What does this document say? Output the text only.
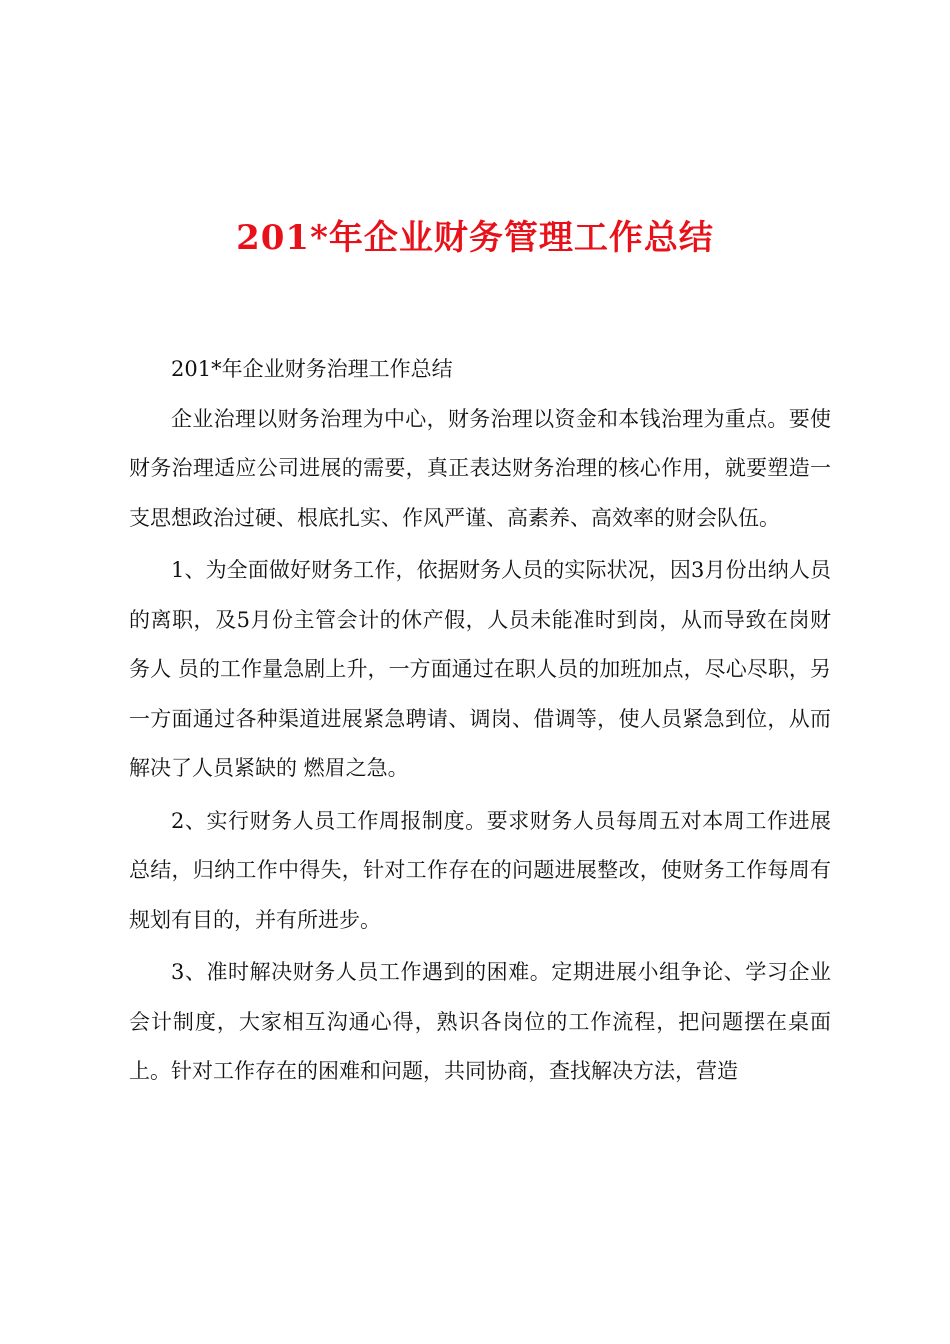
201*年企业财务管理工作总结

201*年企业财务治理工作总结

企业治理以财务治理为中心，财务治理以资金和本钱治理为重点。要使财务治理适应公司进展的需要，真正表达财务治理的核心作用，就要塑造一支思想政治过硬、根底扎实、作风严谨、高素养、高效率的财会队伍。

1、为全面做好财务工作，依据财务人员的实际状况，因3月份出纳人员的离职，及5月份主管会计的休产假，人员未能准时到岗，从而导致在岗财务人 员的工作量急剧上升，一方面通过在职人员的加班加点，尽心尽职，另一方面通过各种渠道进展紧急聘请、调岗、借调等，使人员紧急到位，从而解决了人员紧缺的 燃眉之急。

2、实行财务人员工作周报制度。要求财务人员每周五对本周工作进展总结，归纳工作中得失，针对工作存在的问题进展整改，使财务工作每周有规划有目的，并有所进步。

3、准时解决财务人员工作遇到的困难。定期进展小组争论、学习企业会计制度，大家相互沟通心得，熟识各岗位的工作流程，把问题摆在桌面上。针对工作存在的困难和问题，共同协商，查找解决方法，营造
